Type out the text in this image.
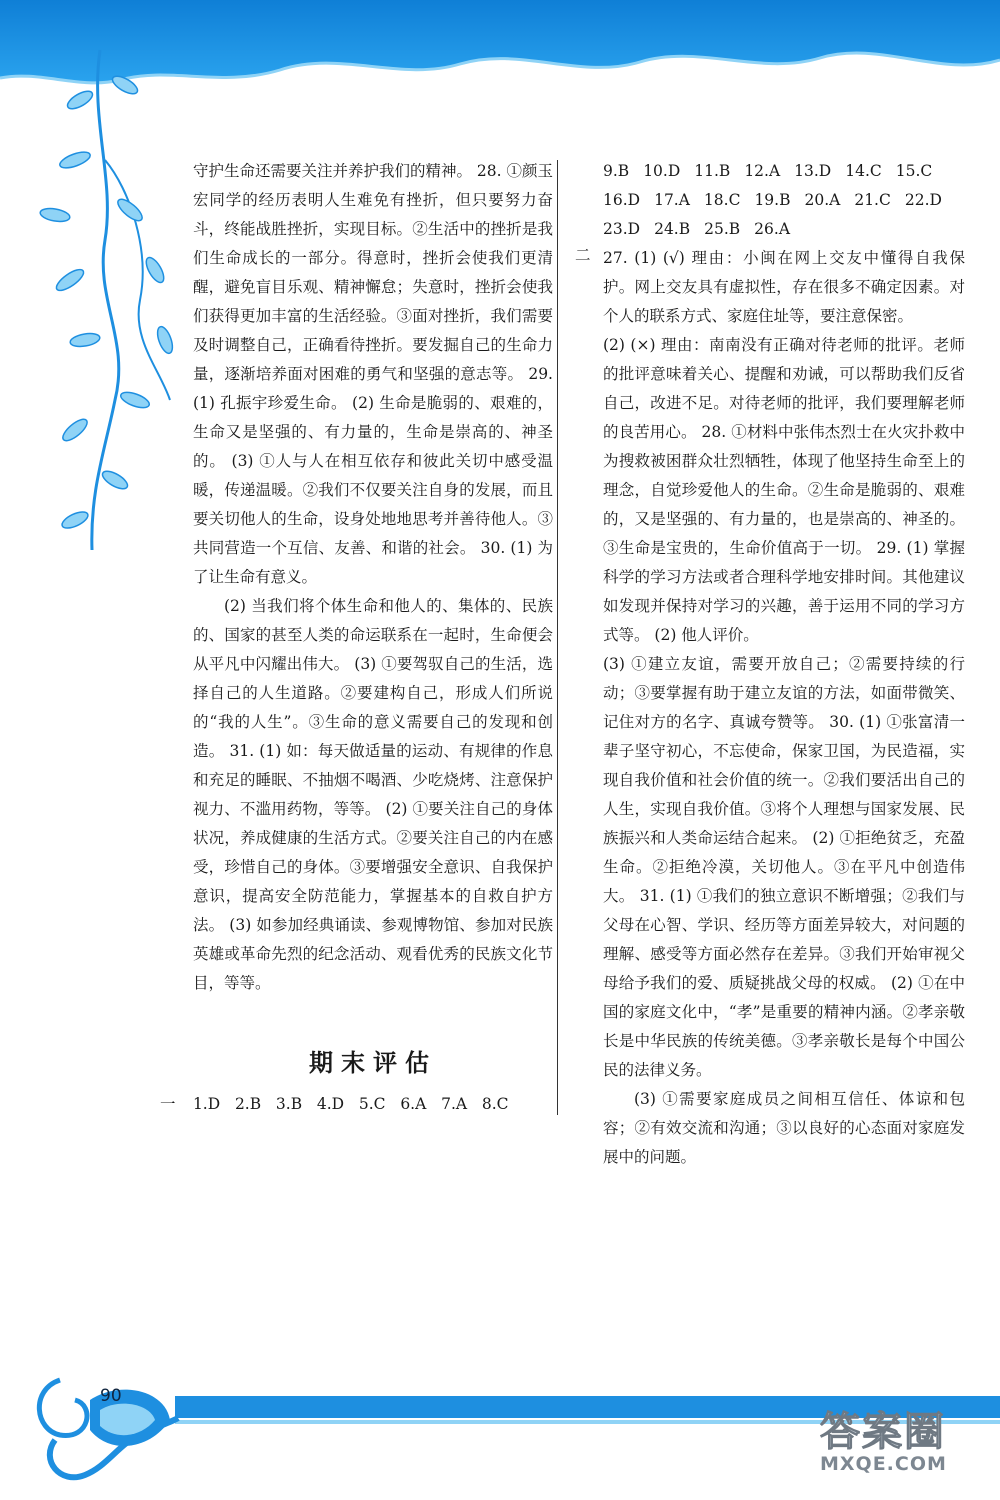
守护生命还需要关注并养护我们的精神。 28. ①颜玉宏同学的经历表明人生难免有挫折，但只要努力奋斗，终能战胜挫折，实现目标。②生活中的挫折是我们生命成长的一部分。得意时，挫折会使我们更清醒，避免盲目乐观、精神懈怠；失意时，挫折会使我们获得更加丰富的生活经验。③面对挫折，我们需要及时调整自己，正确看待挫折。要发掘自己的生命力量，逐渐培养面对困难的勇气和坚强的意志等。 29. (1) 孔振宇珍爱生命。 (2) 生命是脆弱的、艰难的，生命又是坚强的、有力量的，生命是崇高的、神圣的。 (3) ①人与人在相互依存和彼此关切中感受温暖，传递温暖。②我们不仅要关注自身的发展，而且要关切他人的生命，设身处地地思考并善待他人。③共同营造一个互信、友善、和谐的社会。 30. (1) 为了让生命有意义。

(2) 当我们将个体生命和他人的、集体的、民族的、国家的甚至人类的命运联系在一起时，生命便会从平凡中闪耀出伟大。 (3) ①要驾驭自己的生活，选择自己的人生道路。②要建构自己，形成人们所说的“我的人生”。③生命的意义需要自己的发现和创造。 31. (1) 如：每天做适量的运动、有规律的作息和充足的睡眠、不抽烟不喝酒、少吃烧烤、注意保护视力、不滥用药物，等等。 (2) ①要关注自己的身体状况，养成健康的生活方式。②要关注自己的内在感受，珍惜自己的身体。③要增强安全意识、自我保护意识，提高安全防范能力，掌握基本的自救自护方法。 (3) 如参加经典诵读、参观博物馆、参加对民族英雄或革命先烈的纪念活动、观看优秀的民族文化节目，等等。

期末评估
一 1.D 2.B 3.B 4.D 5.C 6.A 7.A 8.C
二
9.B 10.D 11.B 12.A 13.D 14.C 15.C
16.D 17.A 18.C 19.B 20.A 21.C 22.D
23.D 24.B 25.B 26.A

27. (1) (√) 理由：小闽在网上交友中懂得自我保护。网上交友具有虚拟性，存在很多不确定因素。对个人的联系方式、家庭住址等，要注意保密。

(2) (×) 理由：南南没有正确对待老师的批评。老师的批评意味着关心、提醒和劝诫，可以帮助我们反省自己，改进不足。对待老师的批评，我们要理解老师的良苦用心。 28. ①材料中张伟杰烈士在火灾扑救中为搜救被困群众壮烈牺牲，体现了他坚持生命至上的理念，自觉珍爱他人的生命。②生命是脆弱的、艰难的，又是坚强的、有力量的，也是崇高的、神圣的。③生命是宝贵的，生命价值高于一切。 29. (1) 掌握科学的学习方法或者合理科学地安排时间。其他建议如发现并保持对学习的兴趣，善于运用不同的学习方式等。 (2) 他人评价。

(3) ①建立友谊，需要开放自己；②需要持续的行动；③要掌握有助于建立友谊的方法，如面带微笑、记住对方的名字、真诚夸赞等。 30. (1) ①张富清一辈子坚守初心，不忘使命，保家卫国，为民造福，实现自我价值和社会价值的统一。②我们要活出自己的人生，实现自我价值。③将个人理想与国家发展、民族振兴和人类命运结合起来。 (2) ①拒绝贫乏，充盈生命。②拒绝冷漠，关切他人。③在平凡中创造伟大。 31. (1) ①我们的独立意识不断增强；②我们与父母在心智、学识、经历等方面差异较大，对问题的理解、感受等方面必然存在差异。③我们开始审视父母给予我们的爱、质疑挑战父母的权威。 (2) ①在中国的家庭文化中，“孝”是重要的精神内涵。②孝亲敬长是中华民族的传统美德。③孝亲敬长是每个中国公民的法律义务。

(3) ①需要家庭成员之间相互信任、体谅和包容；②有效交流和沟通；③以良好的心态面对家庭发展中的问题。

90
答案圈
MXQE.COM
